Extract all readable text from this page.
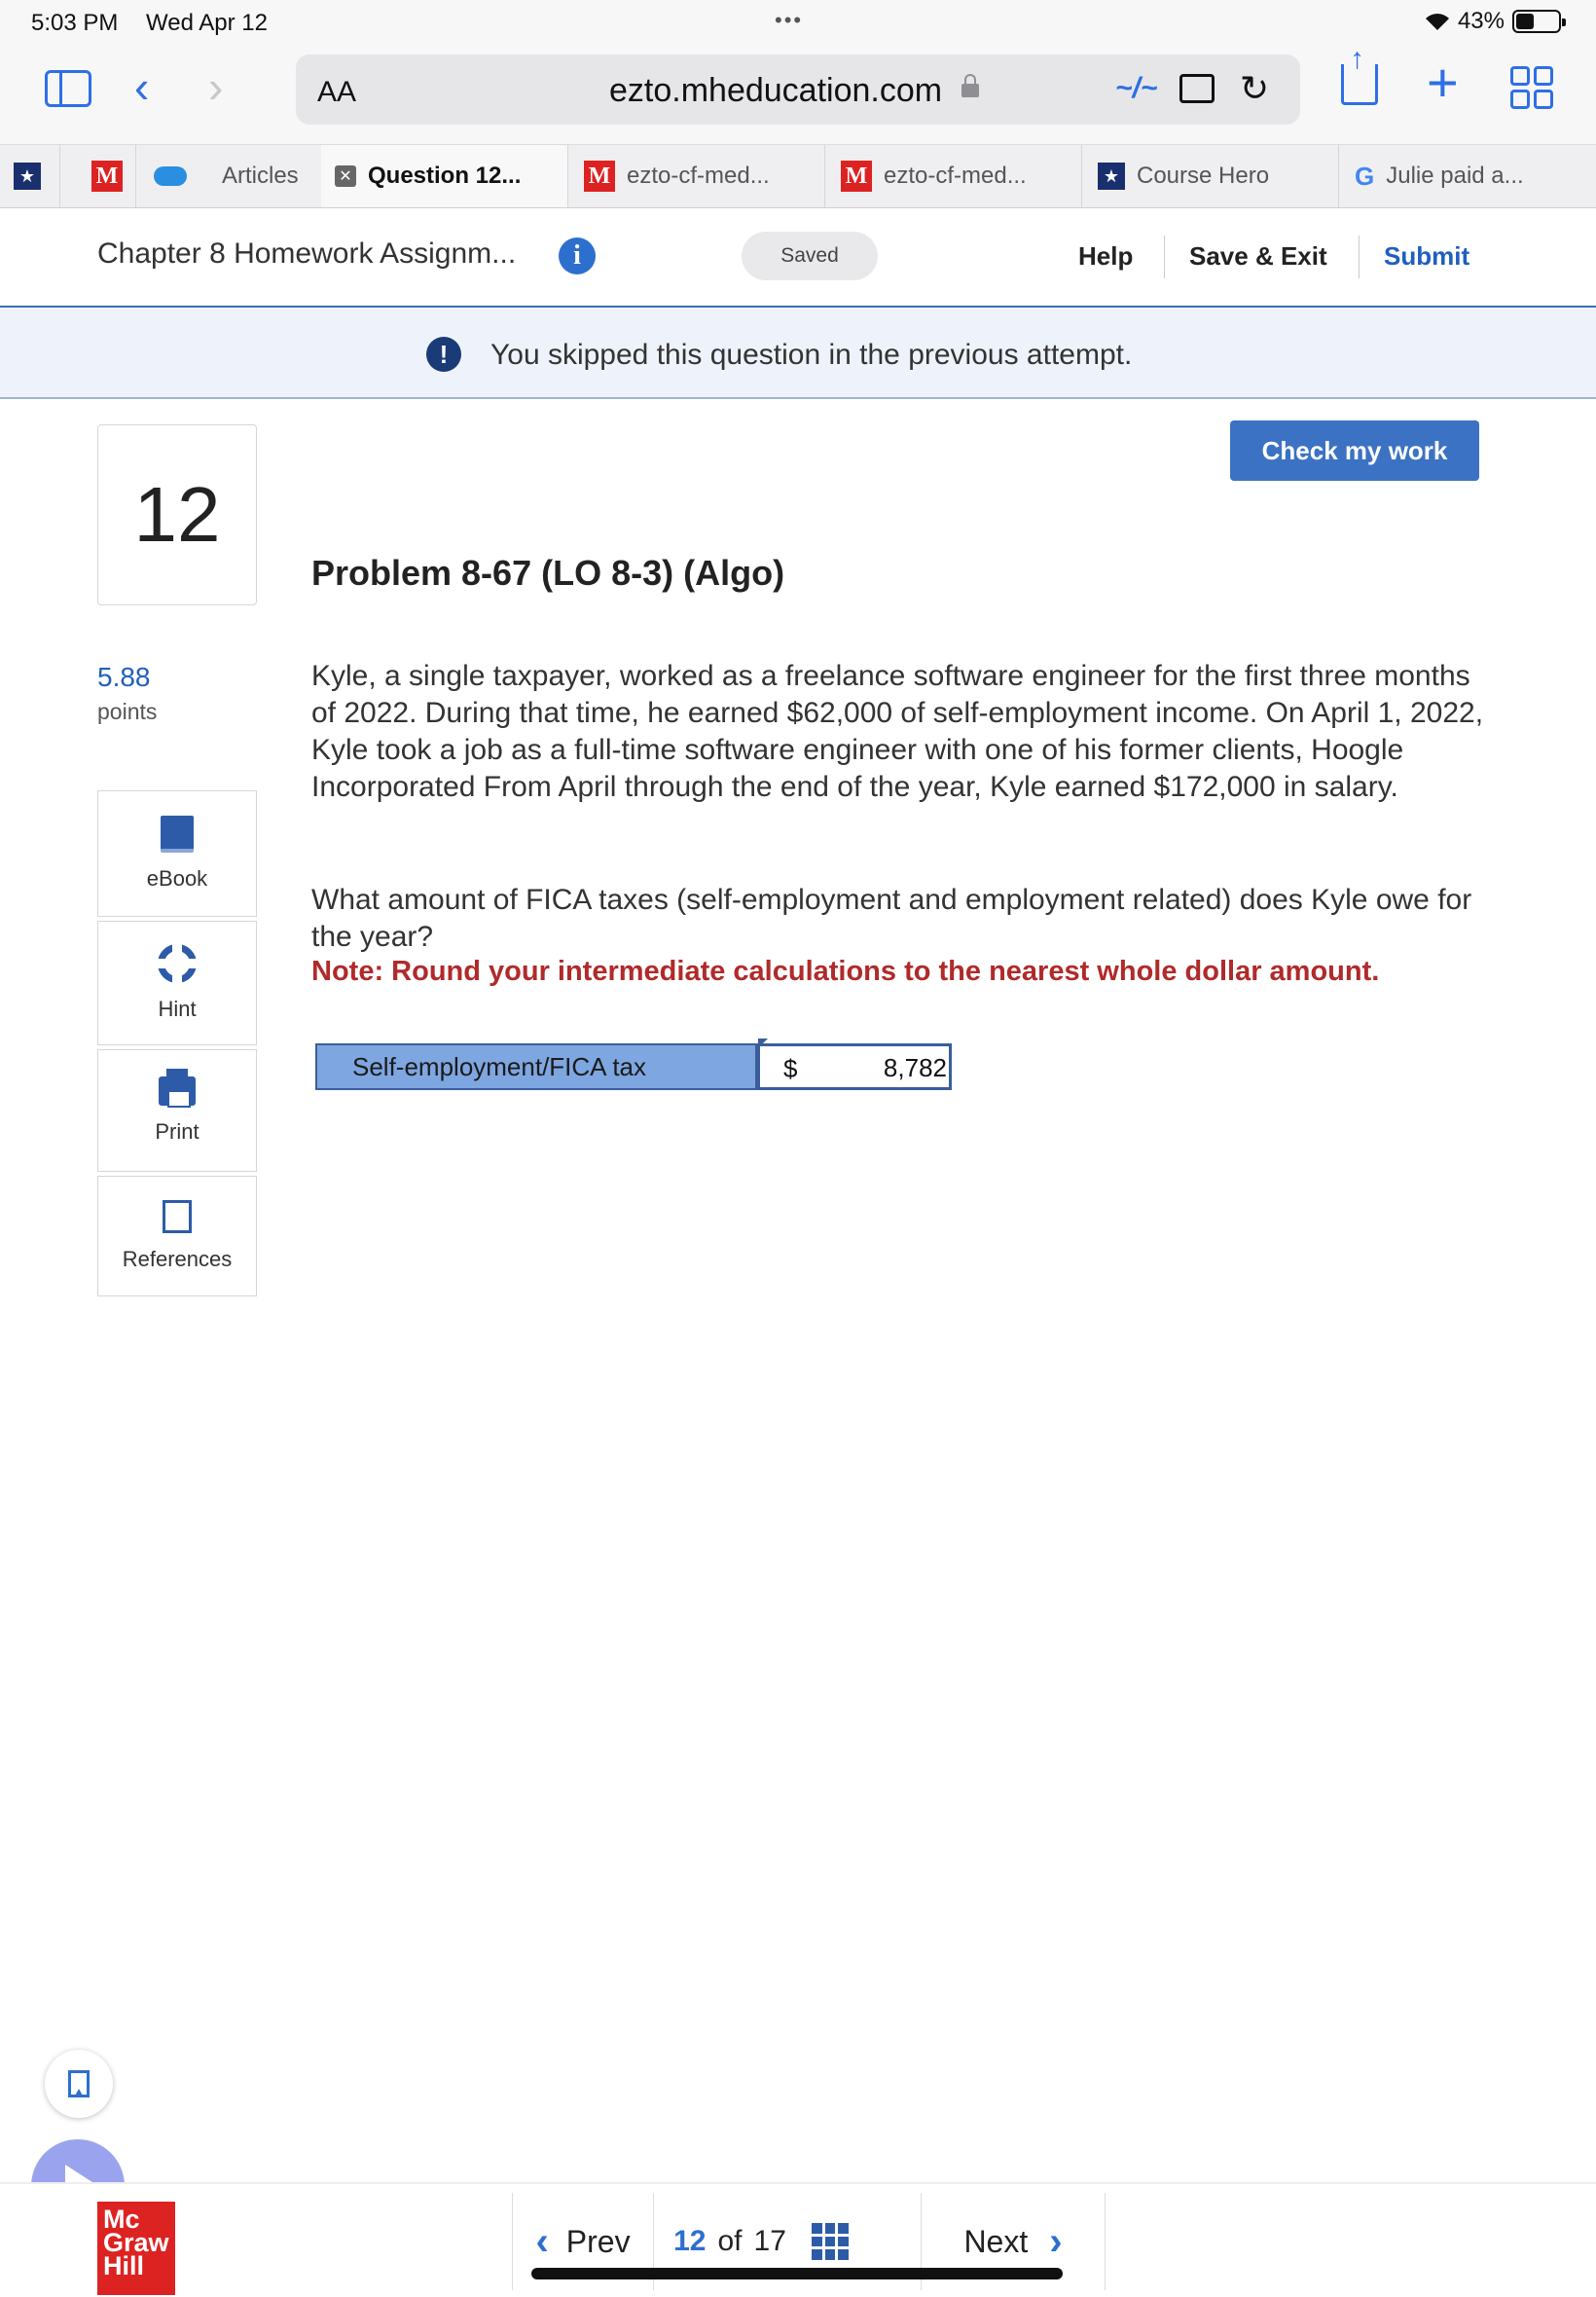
5:03 PM Wed Apr 12	•••	43%
‹ ›	AA	ezto.mheducation.com	~/~ ↻
↑	+
★	M	Articles	✕ Question 12...	M ezto-cf-med...	M ezto-cf-med...	★ Course Hero	G Julie paid a...
Chapter 8 Homework Assignm...	i	Saved	Help Save & Exit Submit
!	You skipped this question in the previous attempt.
12
5.88
points
eBook
Hint
Print
References
Check my work
Problem 8-67 (LO 8-3) (Algo)

Kyle, a single taxpayer, worked as a freelance software engineer for the first three months of 2022. During that time, he earned $62,000 of self-employment income. On April 1, 2022, Kyle took a job as a full-time software engineer with one of his former clients, Hoogle Incorporated From April through the end of the year, Kyle earned $172,000 in salary.

What amount of FICA taxes (self-employment and employment related) does Kyle owe for the year?

Note: Round your intermediate calculations to the nearest whole dollar amount.

Self-employment/FICA tax	$
8,782
Mc
Graw
Hill
‹ Prev 12 of 17	Next ›
